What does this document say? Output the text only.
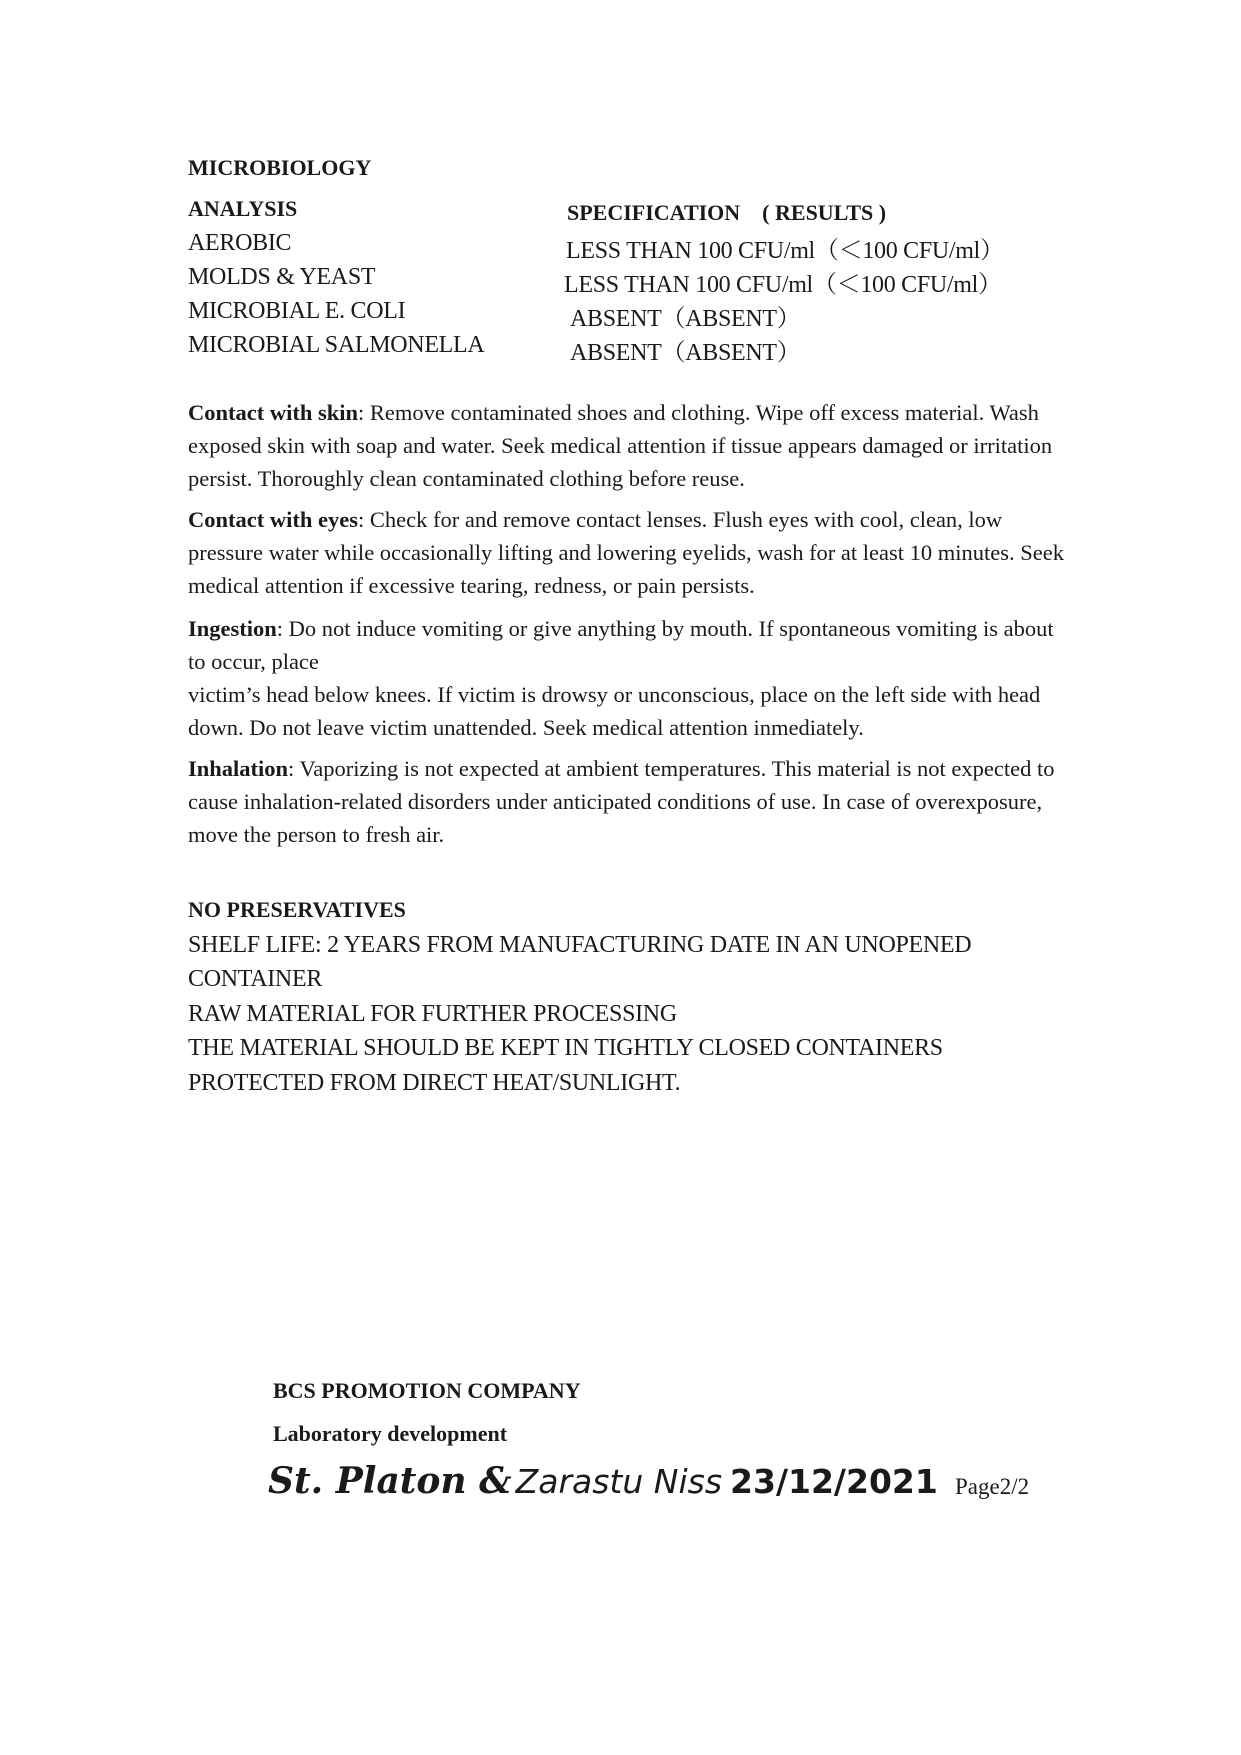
MICROBIOLOGY
ANALYSIS	SPECIFICATION　( RESULTS )
AEROBIC	LESS THAN 100 CFU/ml（＜100 CFU/ml）
MOLDS & YEAST	LESS THAN 100 CFU/ml（＜100 CFU/ml）
MICROBIAL E. COLI	ABSENT（ABSENT）
MICROBIAL SALMONELLA	ABSENT（ABSENT）
Contact with skin: Remove contaminated shoes and clothing. Wipe off excess material. Wash exposed skin with soap and water. Seek medical attention if tissue appears damaged or irritation persist. Thoroughly clean contaminated clothing before reuse.
Contact with eyes: Check for and remove contact lenses. Flush eyes with cool, clean, low pressure water while occasionally lifting and lowering eyelids, wash for at least 10 minutes. Seek medical attention if excessive tearing, redness, or pain persists.
Ingestion: Do not induce vomiting or give anything by mouth. If spontaneous vomiting is about to occur, place
victim’s head below knees. If victim is drowsy or unconscious, place on the left side with head down. Do not leave victim unattended. Seek medical attention inmediately.
Inhalation: Vaporizing is not expected at ambient temperatures. This material is not expected to cause inhalation-related disorders under anticipated conditions of use. In case of overexposure, move the person to fresh air.
NO PRESERVATIVES
SHELF LIFE: 2 YEARS FROM MANUFACTURING DATE IN AN UNOPENED
CONTAINER
RAW MATERIAL FOR FURTHER PROCESSING
THE MATERIAL SHOULD BE KEPT IN TIGHTLY CLOSED CONTAINERS
PROTECTED FROM DIRECT HEAT/SUNLIGHT.
BCS PROMOTION COMPANY
Laboratory development
St. Platon & Zarastu Niss 23/12/2021 Page2/2
